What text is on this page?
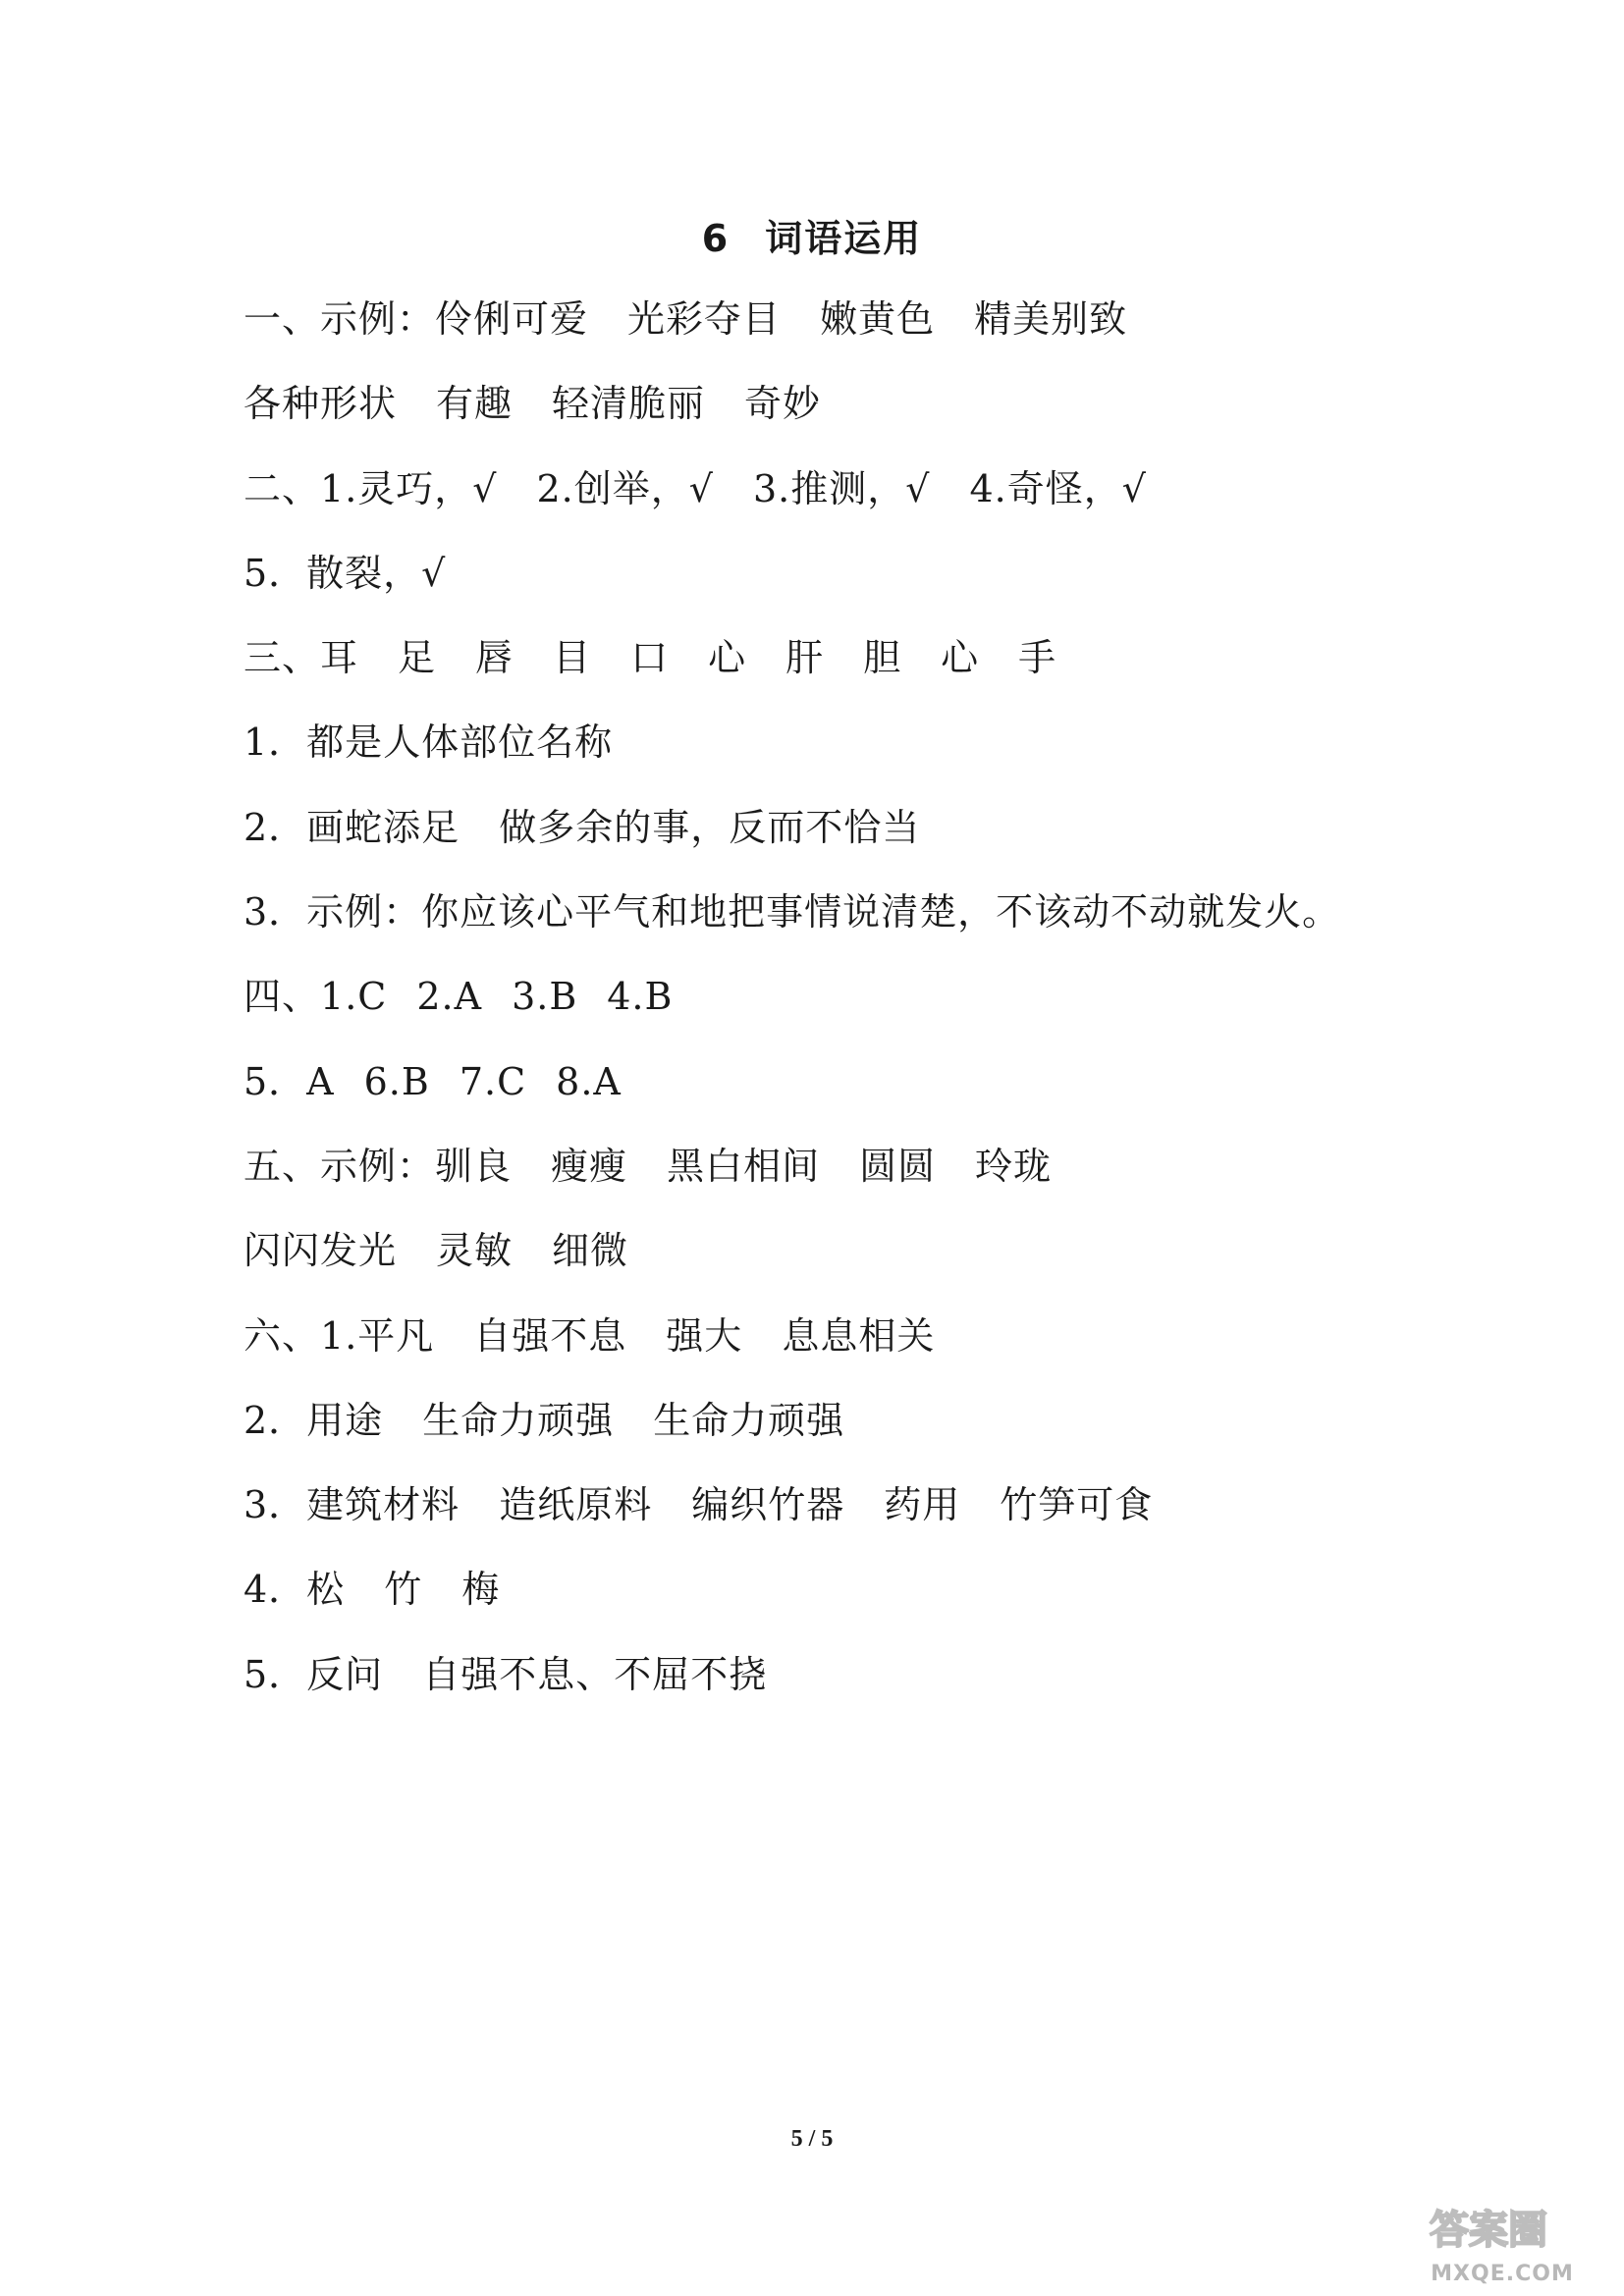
6 词语运用
一、示例：伶俐可爱 光彩夺目 嫩黄色 精美别致
各种形状 有趣 轻清脆丽 奇妙
二、1.灵巧，√ 2.创举，√ 3.推测，√ 4.奇怪，√
5．散裂，√
三、耳 足 唇 目 口 心 肝 胆 心 手
1．都是人体部位名称
2．画蛇添足 做多余的事，反而不恰当
3．示例：你应该心平气和地把事情说清楚，不该动不动就发火。
四、1.C 2.A 3.B 4.B
5．A 6.B 7.C 8.A
五、示例：驯良 瘦瘦 黑白相间 圆圆 玲珑
闪闪发光 灵敏 细微
六、1.平凡 自强不息 强大 息息相关
2．用途 生命力顽强 生命力顽强
3．建筑材料 造纸原料 编织竹器 药用 竹笋可食
4．松 竹 梅
5．反问 自强不息、不屈不挠
5 / 5
答案圈
MXQE.COM
